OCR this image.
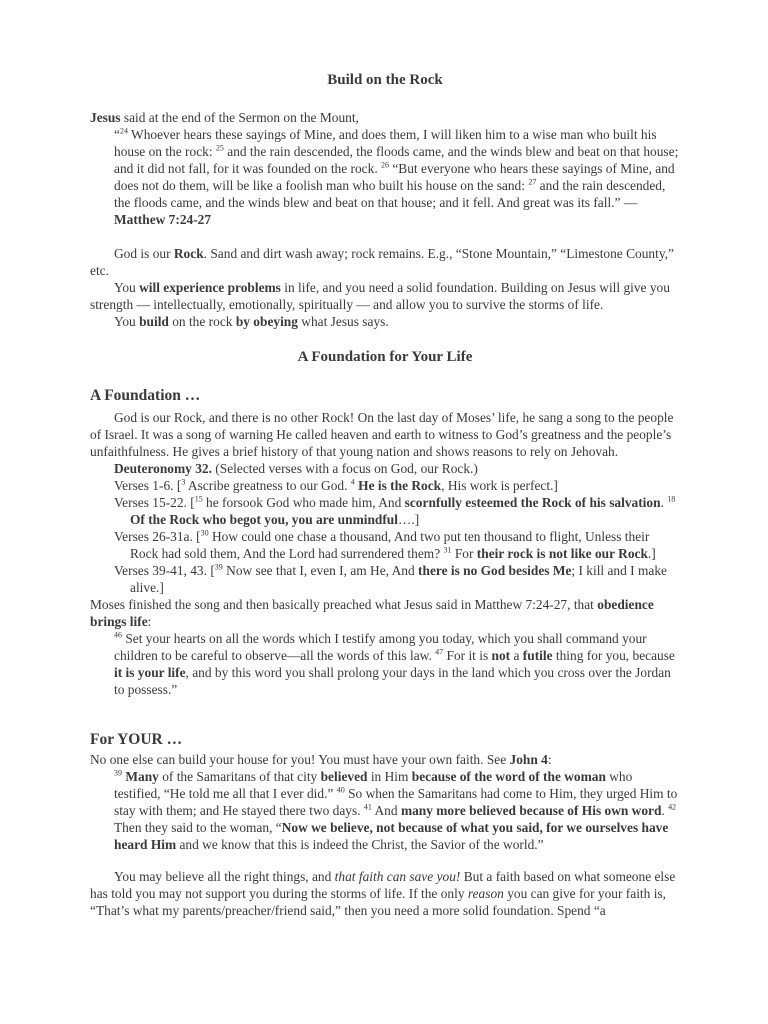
Build on the Rock

Jesus said at the end of the Sermon on the Mount,

“$^{24}$ Whoever hears these sayings of Mine, and does them, I will liken him to a wise man who built his house on the rock: $^{25}$ and the rain descended, the floods came, and the winds blew and beat on that house; and it did not fall, for it was founded on the rock. $^{26}$ “But everyone who hears these sayings of Mine, and does not do them, will be like a foolish man who built his house on the sand: $^{27}$ and the rain descended, the floods came, and the winds blew and beat on that house; and it fell. And great was its fall.” — Matthew 7:24-27

God is our Rock. Sand and dirt wash away; rock remains. E.g., “Stone Mountain,” “Limestone County,” etc.

You will experience problems in life, and you need a solid foundation. Building on Jesus will give you strength — intellectually, emotionally, spiritually — and allow you to survive the storms of life.

You build on the rock by obeying what Jesus says.

A Foundation for Your Life

A Foundation …

God is our Rock, and there is no other Rock! On the last day of Moses’ life, he sang a song to the people of Israel. It was a song of warning He called heaven and earth to witness to God’s greatness and the people’s unfaithfulness. He gives a brief history of that young nation and shows reasons to rely on Jehovah.

Deuteronomy 32. (Selected verses with a focus on God, our Rock.)

Verses 1-6. [$^3$ Ascribe greatness to our God. $^4$ He is the Rock, His work is perfect.]

Verses 15-22. [$^{15}$ he forsook God who made him, And scornfully esteemed the Rock of his salvation. $^{18}$ Of the Rock who begot you, you are unmindful….]

Verses 26-31a. [$^{30}$ How could one chase a thousand, And two put ten thousand to flight, Unless their Rock had sold them, And the Lord had surrendered them? $^{31}$ For their rock is not like our Rock.]

Verses 39-41, 43. [$^{39}$ Now see that I, even I, am He, And there is no God besides Me; I kill and I make alive.]

Moses finished the song and then basically preached what Jesus said in Matthew 7:24-27, that obedience brings life:

$^{46}$ Set your hearts on all the words which I testify among you today, which you shall command your children to be careful to observe—all the words of this law. $^{47}$ For it is not a futile thing for you, because it is your life, and by this word you shall prolong your days in the land which you cross over the Jordan to possess.”

For YOUR …

No one else can build your house for you! You must have your own faith. See John 4:

$^{39}$ Many of the Samaritans of that city believed in Him because of the word of the woman who testified, “He told me all that I ever did.” $^{40}$ So when the Samaritans had come to Him, they urged Him to stay with them; and He stayed there two days. $^{41}$ And many more believed because of His own word. $^{42}$ Then they said to the woman, “Now we believe, not because of what you said, for we ourselves have heard Him and we know that this is indeed the Christ, the Savior of the world.”

You may believe all the right things, and that faith can save you! But a faith based on what someone else has told you may not support you during the storms of life. If the only reason you can give for your faith is, “That’s what my parents/preacher/friend said,” then you need a more solid foundation. Spend “a
